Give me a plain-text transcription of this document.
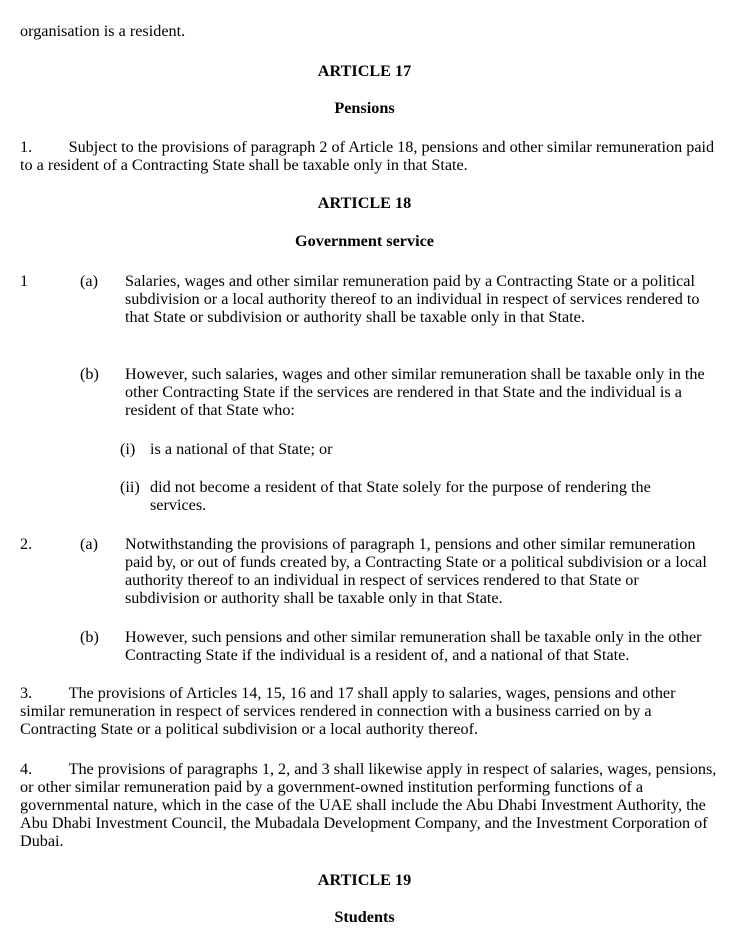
organisation is a resident.
ARTICLE 17
Pensions
1.         Subject to the provisions of paragraph 2 of Article 18, pensions and other similar remuneration paid to a resident of a Contracting State shall be taxable only in that State.
ARTICLE 18
Government service
1	(a) Salaries, wages and other similar remuneration paid by a Contracting State or a political subdivision or a local authority thereof to an individual in respect of services rendered to that State or subdivision or authority shall be taxable only in that State.
(b) However, such salaries, wages and other similar remuneration shall be taxable only in the other Contracting State if the services are rendered in that State and the individual is a resident of that State who:
(i) is a national of that State; or
(ii) did not become a resident of that State solely for the purpose of rendering the services.
2.	(a) Notwithstanding the provisions of paragraph 1, pensions and other similar remuneration paid by, or out of funds created by, a Contracting State or a political subdivision or a local authority thereof to an individual in respect of services rendered to that State or subdivision or authority shall be taxable only in that State.
(b) However, such pensions and other similar remuneration shall be taxable only in the other Contracting State if the individual is a resident of, and a national of that State.
3.         The provisions of Articles 14, 15, 16 and 17 shall apply to salaries, wages, pensions and other similar remuneration in respect of services rendered in connection with a business carried on by a Contracting State or a political subdivision or a local authority thereof.
4.         The provisions of paragraphs 1, 2, and 3 shall likewise apply in respect of salaries, wages, pensions, or other similar remuneration paid by a government-owned institution performing functions of a governmental nature, which in the case of the UAE shall include the Abu Dhabi Investment Authority, the Abu Dhabi Investment Council, the Mubadala Development Company, and the Investment Corporation of Dubai.
ARTICLE 19
Students
